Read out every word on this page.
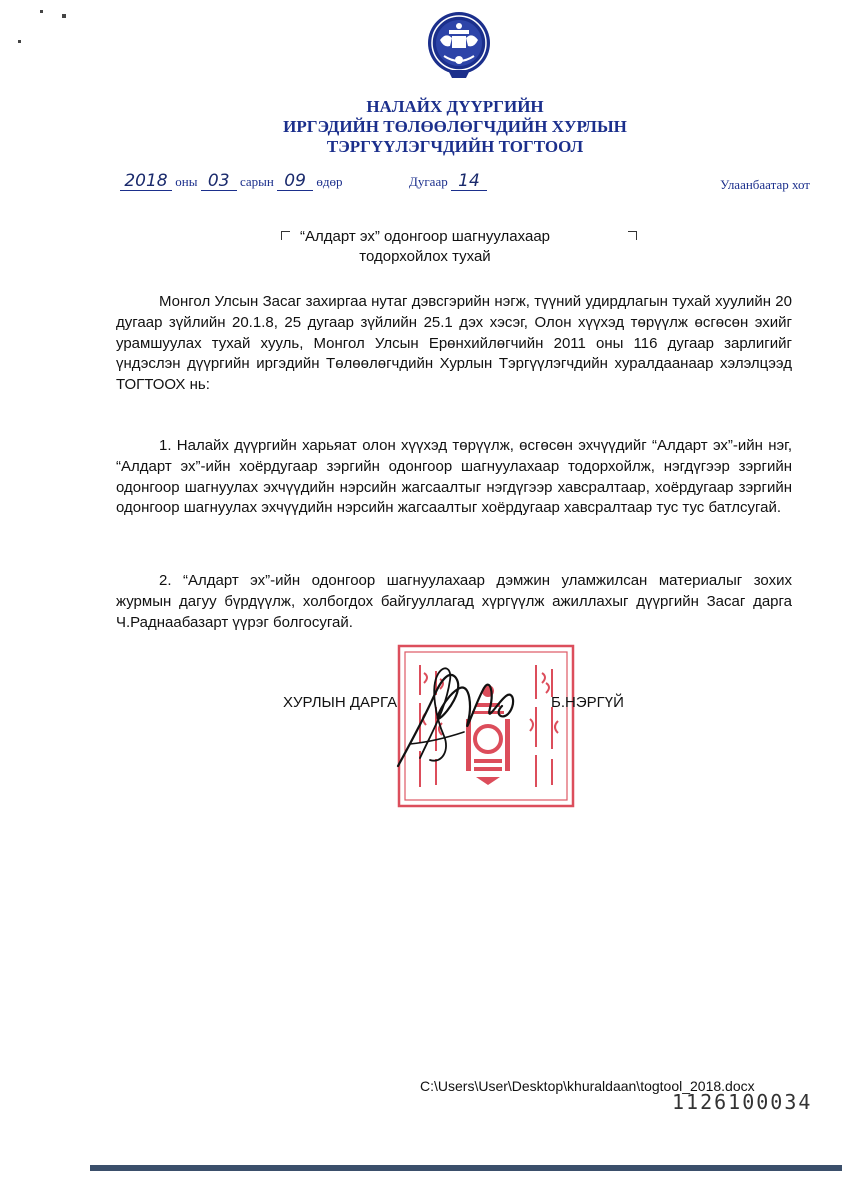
НАЛАЙХ ДҮҮРГИЙН
ИРГЭДИЙН ТӨЛӨӨЛӨГЧДИЙН ХУРЛЫН
ТЭРГҮҮЛЭГЧДИЙН ТОГТООЛ
2018 оны 03 сарын 09 өдөр	Дугаар 14	Улаанбаатар хот
“Алдарт эх” одонгоор шагнуулахаар
тодорхойлох тухай
Монгол Улсын Засаг захиргаа нутаг дэвсгэрийн нэгж, түүний удирдлагын тухай хуулийн 20 дугаар зүйлийн 20.1.8, 25 дугаар зүйлийн 25.1 дэх хэсэг, Олон хүүхэд төрүүлж өсгөсөн эхийг урамшуулах тухай хууль, Монгол Улсын Ерөнхийлөгчийн 2011 оны 116 дугаар зарлигийг үндэслэн дүүргийн иргэдийн Төлөөлөгчдийн Хурлын Тэргүүлэгчдийн хуралдаанаар хэлэлцээд ТОГТООХ нь:
1. Налайх дүүргийн харьяат олон хүүхэд төрүүлж, өсгөсөн эхчүүдийг “Алдарт эх”-ийн нэг, “Алдарт эх”-ийн хоёрдугаар зэргийн одонгоор шагнуулахаар тодорхойлж, нэгдүгээр зэргийн одонгоор шагнуулах эхчүүдийн нэрсийн жагсаалтыг нэгдүгээр хавсралтаар, хоёрдугаар зэргийн одонгоор шагнуулах эхчүүдийн нэрсийн жагсаалтыг хоёрдугаар хавсралтаар тус тус батлсугай.
2. “Алдарт эх”-ийн одонгоор шагнуулахаар дэмжин уламжилсан материалыг зохих журмын дагуу бүрдүүлж, холбогдох байгууллагад хүргүүлж ажиллахыг дүүргийн Засаг дарга Ч.Раднаабазарт үүрэг болгосугай.
ХУРЛЫН ДАРГА	Б.НЭРГҮЙ
C:\Users\User\Desktop\khuraldaan\togtool_2018.docx
1126100034
